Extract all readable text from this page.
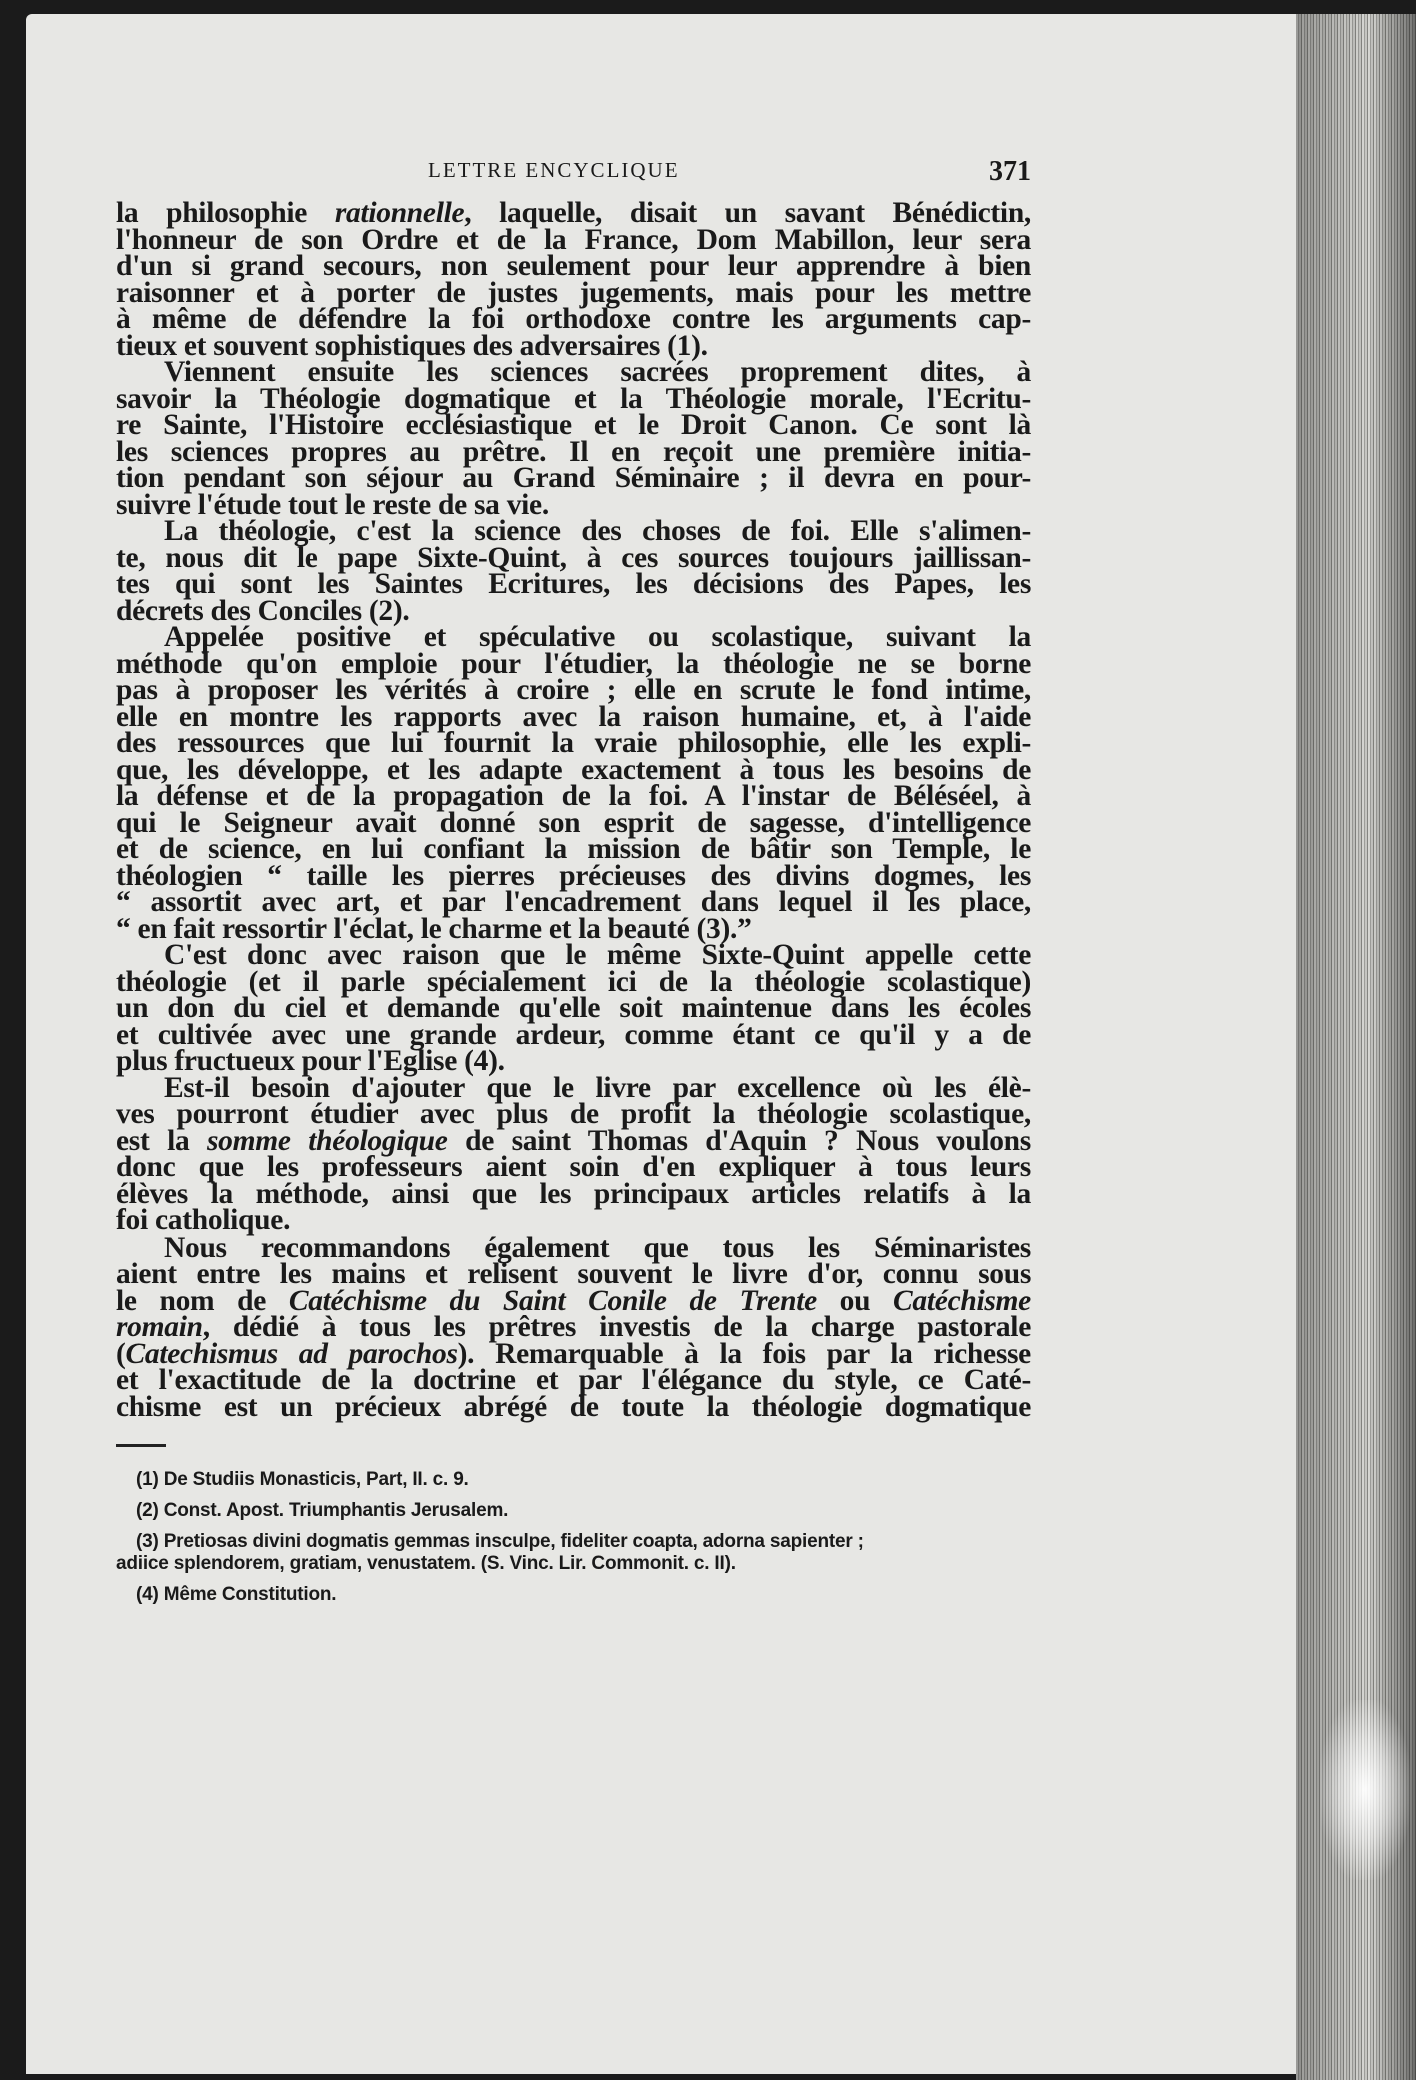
LETTRE ENCYCLIQUE	371
la philosophie rationnelle, laquelle, disait un savant Bénédictin,
l'honneur de son Ordre et de la France, Dom Mabillon, leur sera
d'un si grand secours, non seulement pour leur apprendre à bien
raisonner et à porter de justes jugements, mais pour les mettre
à même de défendre la foi orthodoxe contre les arguments cap-
tieux et souvent sophistiques des adversaires (1).
Viennent ensuite les sciences sacrées proprement dites, à
savoir la Théologie dogmatique et la Théologie morale, l'Ecritu-
re Sainte, l'Histoire ecclésiastique et le Droit Canon. Ce sont là
les sciences propres au prêtre. Il en reçoit une première initia-
tion pendant son séjour au Grand Séminaire ; il devra en pour-
suivre l'étude tout le reste de sa vie.
La théologie, c'est la science des choses de foi. Elle s'alimen-
te, nous dit le pape Sixte-Quint, à ces sources toujours jaillissan-
tes qui sont les Saintes Ecritures, les décisions des Papes, les
décrets des Conciles (2).
Appelée positive et spéculative ou scolastique, suivant la
méthode qu'on emploie pour l'étudier, la théologie ne se borne
pas à proposer les vérités à croire ; elle en scrute le fond intime,
elle en montre les rapports avec la raison humaine, et, à l'aide
des ressources que lui fournit la vraie philosophie, elle les expli-
que, les développe, et les adapte exactement à tous les besoins de
la défense et de la propagation de la foi. A l'instar de Béléséel, à
qui le Seigneur avait donné son esprit de sagesse, d'intelligence
et de science, en lui confiant la mission de bâtir son Temple, le
théologien “ taille les pierres précieuses des divins dogmes, les
“ assortit avec art, et par l'encadrement dans lequel il les place,
“ en fait ressortir l'éclat, le charme et la beauté (3).”
C'est donc avec raison que le même Sixte-Quint appelle cette
théologie (et il parle spécialement ici de la théologie scolastique)
un don du ciel et demande qu'elle soit maintenue dans les écoles
et cultivée avec une grande ardeur, comme étant ce qu'il y a de
plus fructueux pour l'Eglise (4).
Est-il besoin d'ajouter que le livre par excellence où les élè-
ves pourront étudier avec plus de profit la théologie scolastique,
est la somme théologique de saint Thomas d'Aquin ? Nous voulons
donc que les professeurs aient soin d'en expliquer à tous leurs
élèves la méthode, ainsi que les principaux articles relatifs à la
foi catholique.
Nous recommandons également que tous les Séminaristes
aient entre les mains et relisent souvent le livre d'or, connu sous
le nom de Catéchisme du Saint Conile de Trente ou Catéchisme
romain, dédié à tous les prêtres investis de la charge pastorale
(Catechismus ad parochos). Remarquable à la fois par la richesse
et l'exactitude de la doctrine et par l'élégance du style, ce Caté-
chisme est un précieux abrégé de toute la théologie dogmatique
(1) De Studiis Monasticis, Part, II. c. 9.
(2) Const. Apost. Triumphantis Jerusalem.
(3) Pretiosas divini dogmatis gemmas insculpe, fideliter coapta, adorna sapienter ;
adiice splendorem, gratiam, venustatem. (S. Vinc. Lir. Commonit. c. II).
(4) Même Constitution.
